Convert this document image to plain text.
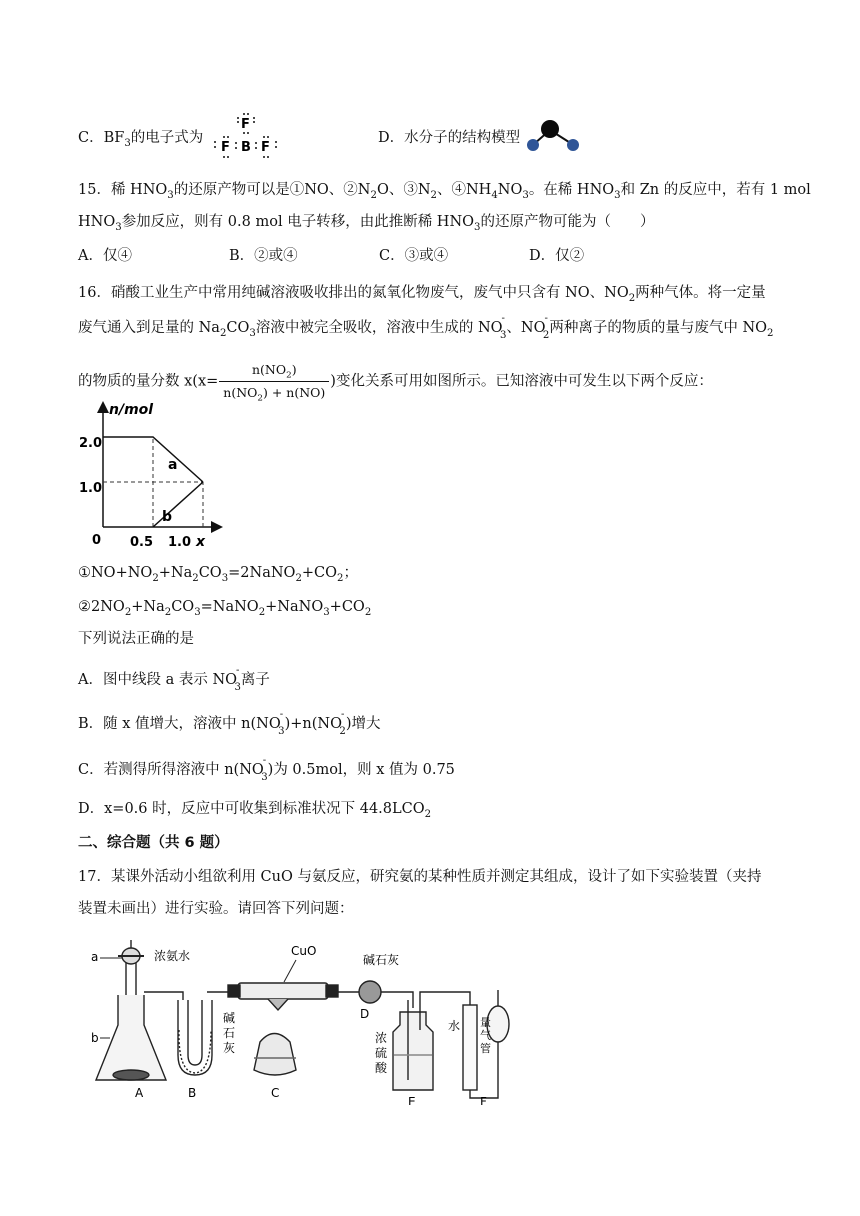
C．$BF_3$的电子式为
F
F B F
D．水分子的结构模型
15．稀 $HNO_3$的还原产物可以是①NO、$②N_2O$、$③N_2$、$④NH_4NO_3$。在稀 $HNO_3$和 Zn 的反应中，若有 1 mol
$HNO_3$参加反应，则有 0.8 mol 电子转移，由此推断稀 $HNO_3$的还原产物可能为（　　）
A．仅④	B．②或④	C．③或④	D．仅②
16．硝酸工业生产中常用纯碱溶液吸收排出的氮氧化物废气，废气中只含有 NO、$NO_2$两种气体。将一定量
废气通入到足量的 $Na_2CO_3$溶液中被完全吸收，溶液中生成的 $NO^-_3$、$NO^-_2$两种离子的物质的量与废气中 $NO_2$
的物质的量分数 $x(x= \frac{n(NO_2)}{n(NO_2) + n(NO)}$ )变化关系可用如图所示。已知溶液中可发生以下两个反应：
n/mol
x
2.0
1.0
0 0.5 1.0
a
b
$①NO+NO_2+Na_2CO_3=2NaNO_2+CO_2$；
$②2NO_2+Na_2CO_3=NaNO_2+NaNO_3+CO_2$
下列说法正确的是
A．图中线段 a 表示 $NO^-_3$离子
B．随 x 值增大，溶液中 $n(NO^-_3)+n(NO^-_2)$增大
C．若测得所得溶液中 $n(NO^-_3)$为 0.5mol，则 x 值为 0.75
D．x=0.6 时，反应中可收集到标准状况下 $44.8LCO_2$
二、综合题（共 6 题）
17．某课外活动小组欲利用 CuO 与氨反应，研究氨的某种性质并测定其组成，设计了如下实验装置（夹持
装置未画出）进行实验。请回答下列问题：
a
b
浓氨水	CuO
碱石灰
碱
石
灰
浓
硫
酸
水 量
气
管
A	B	C
D
E	F
